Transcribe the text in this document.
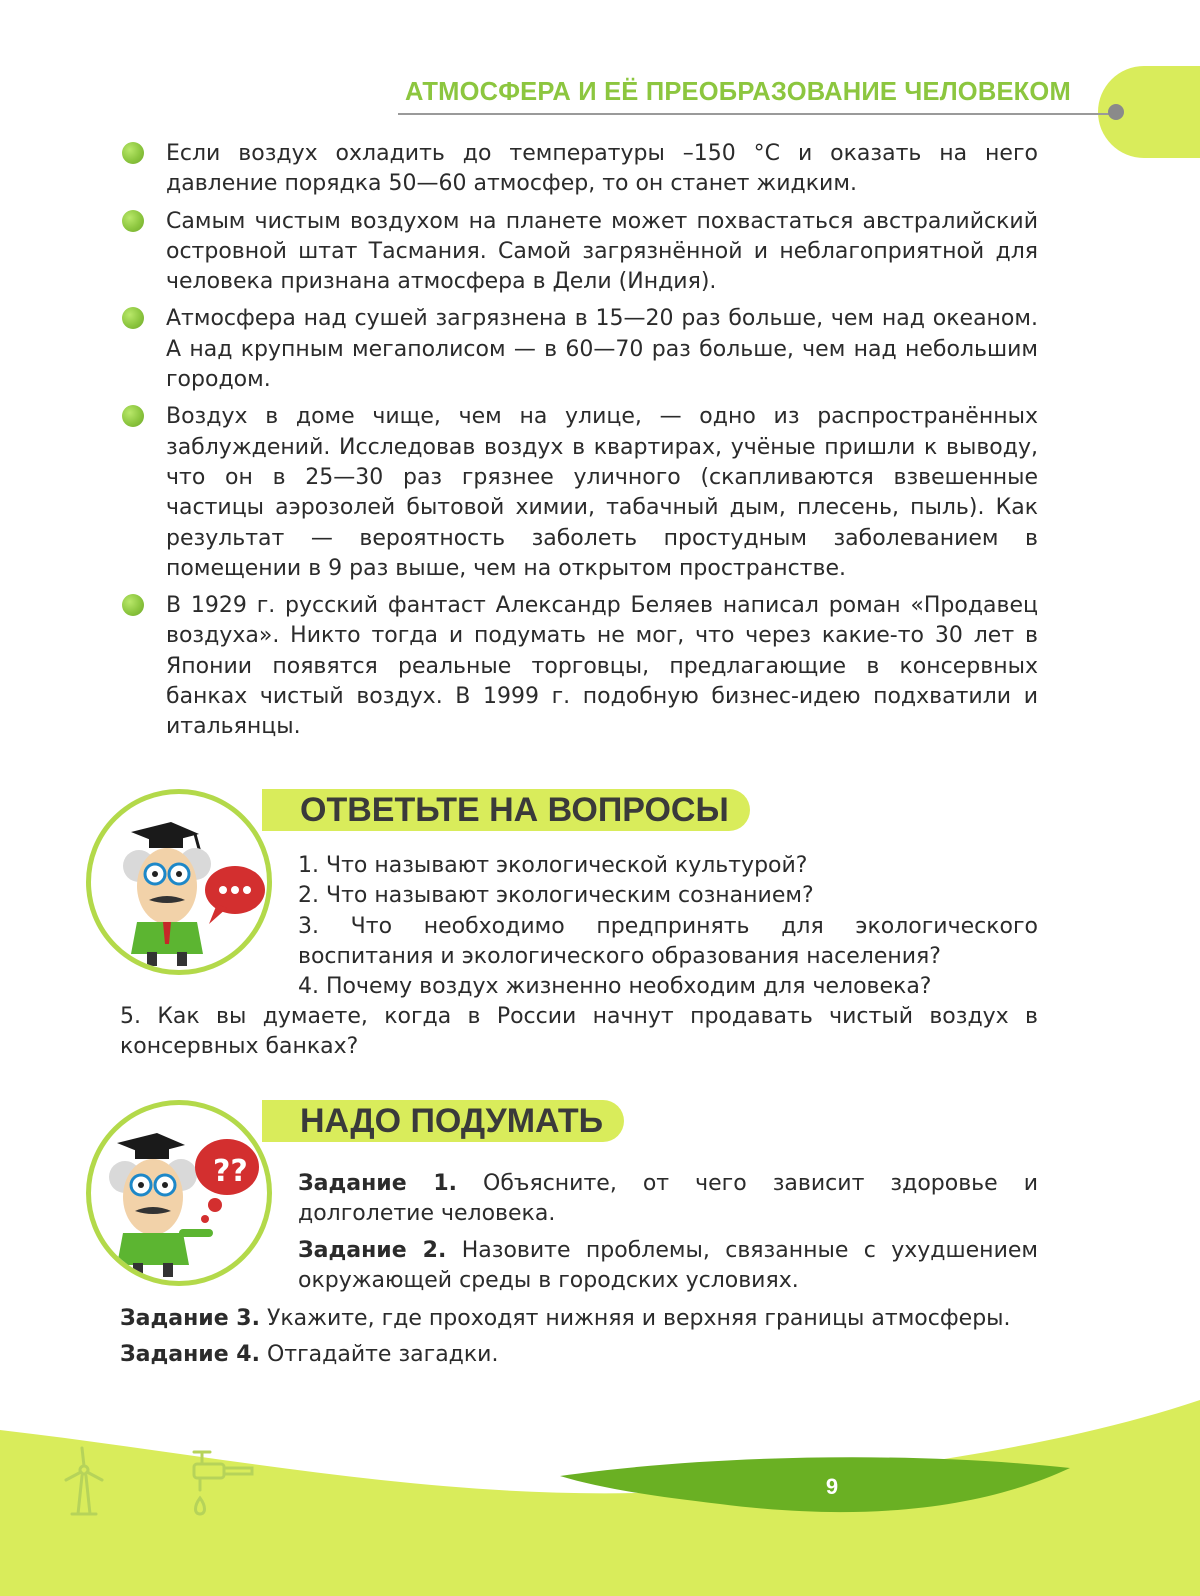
АТМОСФЕРА И ЕЁ ПРЕОБРАЗОВАНИЕ ЧЕЛОВЕКОМ
Если воздух охладить до температуры –150 °C и оказать на него давление порядка 50—60 атмосфер, то он станет жидким.
Самым чистым воздухом на планете может похвастаться австралийский островной штат Тасмания. Самой загрязнённой и неблагоприятной для человека признана атмосфера в Дели (Индия).
Атмосфера над сушей загрязнена в 15—20 раз больше, чем над океаном. А над крупным мегаполисом — в 60—70 раз больше, чем над небольшим городом.
Воздух в доме чище, чем на улице, — одно из распространённых заблуждений. Исследовав воздух в квартирах, учёные пришли к выводу, что он в 25—30 раз грязнее уличного (скапливаются взвешенные частицы аэрозолей бытовой химии, табачный дым, плесень, пыль). Как результат — вероятность заболеть простудным заболеванием в помещении в 9 раз выше, чем на открытом пространстве.
В 1929 г. русский фантаст Александр Беляев написал роман «Продавец воздуха». Никто тогда и подумать не мог, что через какие-то 30 лет в Японии появятся реальные торговцы, предлагающие в консервных банках чистый воздух. В 1999 г. подобную бизнес-идею подхватили и итальянцы.
ОТВЕТЬТЕ НА ВОПРОСЫ

1. Что называют экологической культурой?

2. Что называют экологическим сознанием?

3. Что необходимо предпринять для экологического воспитания и экологического образования населения?

4. Почему воздух жизненно необходим для человека?

5. Как вы думаете, когда в России начнут продавать чистый воздух в консервных банках?

НАДО ПОДУМАТЬ
?? Задание 1. Объясните, от чего зависит здоровье и долголетие человека.

Задание 2. Назовите проблемы, связанные с ухудшением окружающей среды в городских условиях.

Задание 3. Укажите, где проходят нижняя и верхняя границы атмосферы.

Задание 4. Отгадайте загадки.

9
